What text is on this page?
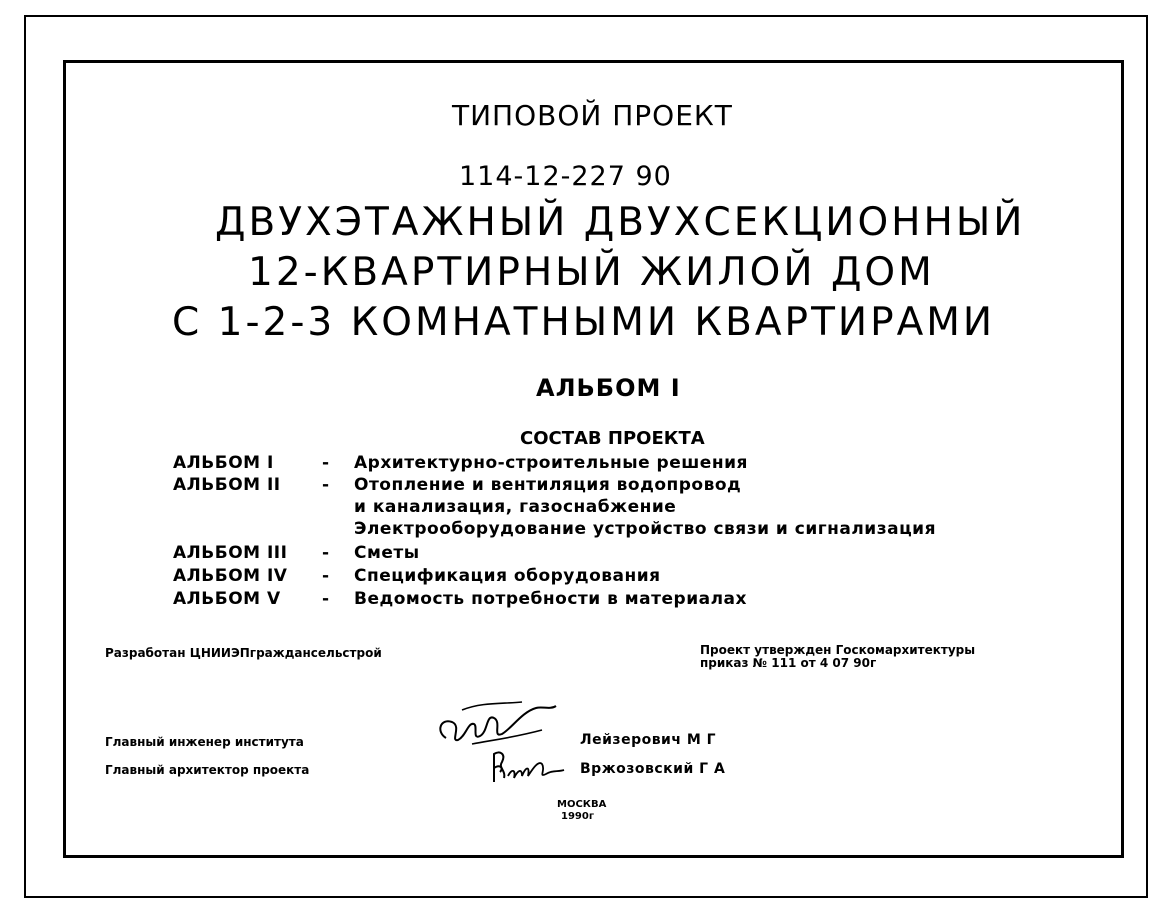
ТИПОВОЙ ПРОЕКТ
114-12-227 90
ДВУХЭТАЖНЫЙ ДВУХСЕКЦИОННЫЙ
12-КВАРТИРНЫЙ ЖИЛОЙ ДОМ
С 1-2-3 КОМНАТНЫМИ КВАРТИРАМИ
АЛЬБОМ I
СОСТАВ ПРОЕКТА
АЛЬБОМ I	- Архитектурно-строительные решения
АЛЬБОМ II - Отопление и вентиляция водопровод
и канализация, газоснабжение
Электрооборудование устройство связи и сигнализация
АЛЬБОМ III - Сметы
АЛЬБОМ IV - Спецификация оборудования
АЛЬБОМ V - Ведомость потребности в материалах
Разработан ЦНИИЭПграждансельстрой	Проект утвержден Госкомархитектуры
приказ № 111 от 4 07 90г
Главный инженер института	Лейзерович М Г
Главный архитектор проекта	Вржозовский Г А
МОСКВА
1990г
